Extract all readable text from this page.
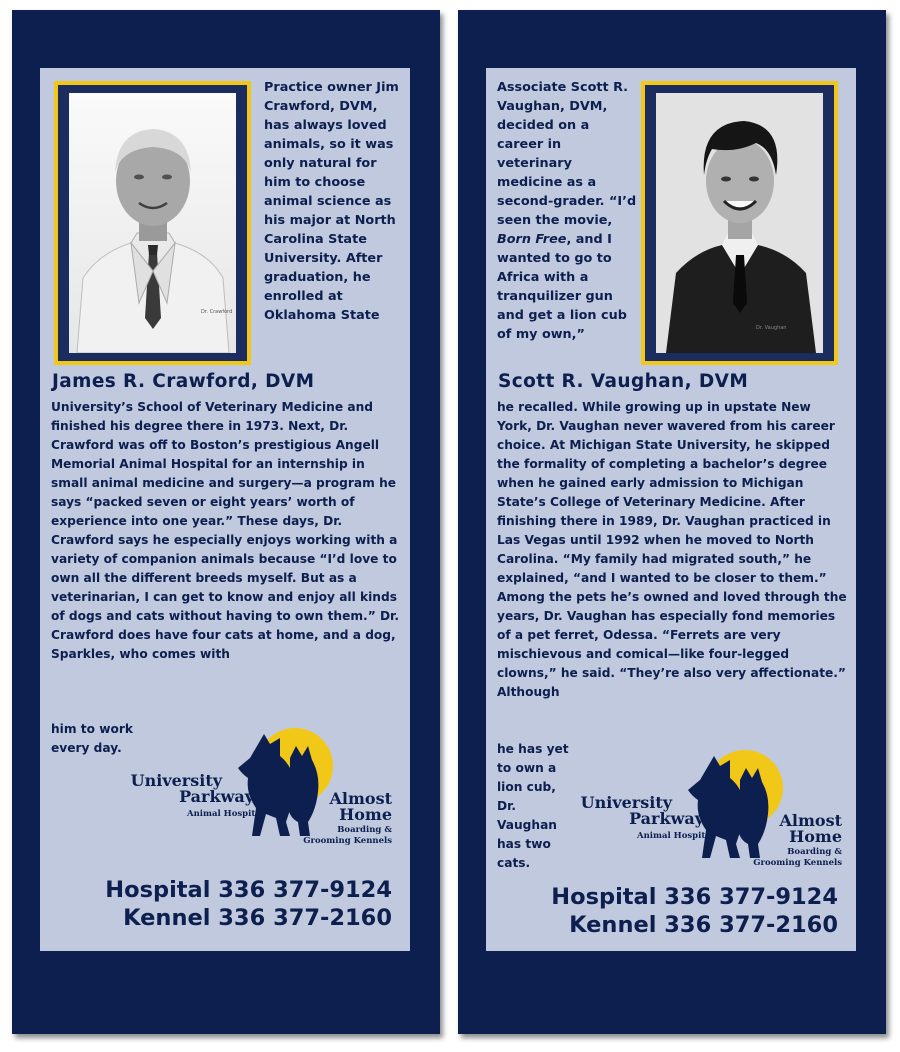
Dr. Crawford

Practice owner Jim Crawford, DVM, has always loved animals, so it was only natural for him to choose animal science as his major at North Carolina State University. After graduation, he enrolled at Oklahoma State

James R. Crawford, DVM

University’s School of Veterinary Medicine and finished his degree there in 1973. Next, Dr. Crawford was off to Boston’s prestigious Angell Memorial Animal Hospital for an internship in small animal medicine and surgery—a program he says “packed seven or eight years’ worth of experience into one year.” These days, Dr. Crawford says he especially enjoys working with a variety of companion animals because “I’d love to own all the different breeds myself. But as a veterinarian, I can get to know and enjoy all kinds of dogs and cats without having to own them.” Dr. Crawford does have four cats at home, and a dog, Sparkles, who comes with

him to work every day.

University
Parkway
Animal Hospital
Almost
Home
Boarding &
Grooming Kennels
Hospital 336 377-9124
Kennel 336 377-2160

Associate Scott R. Vaughan, DVM, decided on a career in veterinary medicine as a second-grader. “I’d seen the movie, Born Free, and I wanted to go to Africa with a tranquilizer gun and get a lion cub of my own,”	Dr. Vaughan
Scott R. Vaughan, DVM

he recalled. While growing up in upstate New York, Dr. Vaughan never wavered from his career choice. At Michigan State University, he skipped the formality of completing a bachelor’s degree when he gained early admission to Michigan State’s College of Veterinary Medicine. After finishing there in 1989, Dr. Vaughan practiced in Las Vegas until 1992 when he moved to North Carolina. “My family had migrated south,” he explained, “and I wanted to be closer to them.” Among the pets he’s owned and loved through the years, Dr. Vaughan has especially fond memories of a pet ferret, Odessa. “Ferrets are very mischievous and comical—like four-legged clowns,” he said. “They’re also very affectionate.” Although

he has yet to own a lion cub, Dr. Vaughan has two cats.

University
Parkway
Animal Hospital
Almost
Home
Boarding &
Grooming Kennels
Hospital 336 377-9124
Kennel 336 377-2160
